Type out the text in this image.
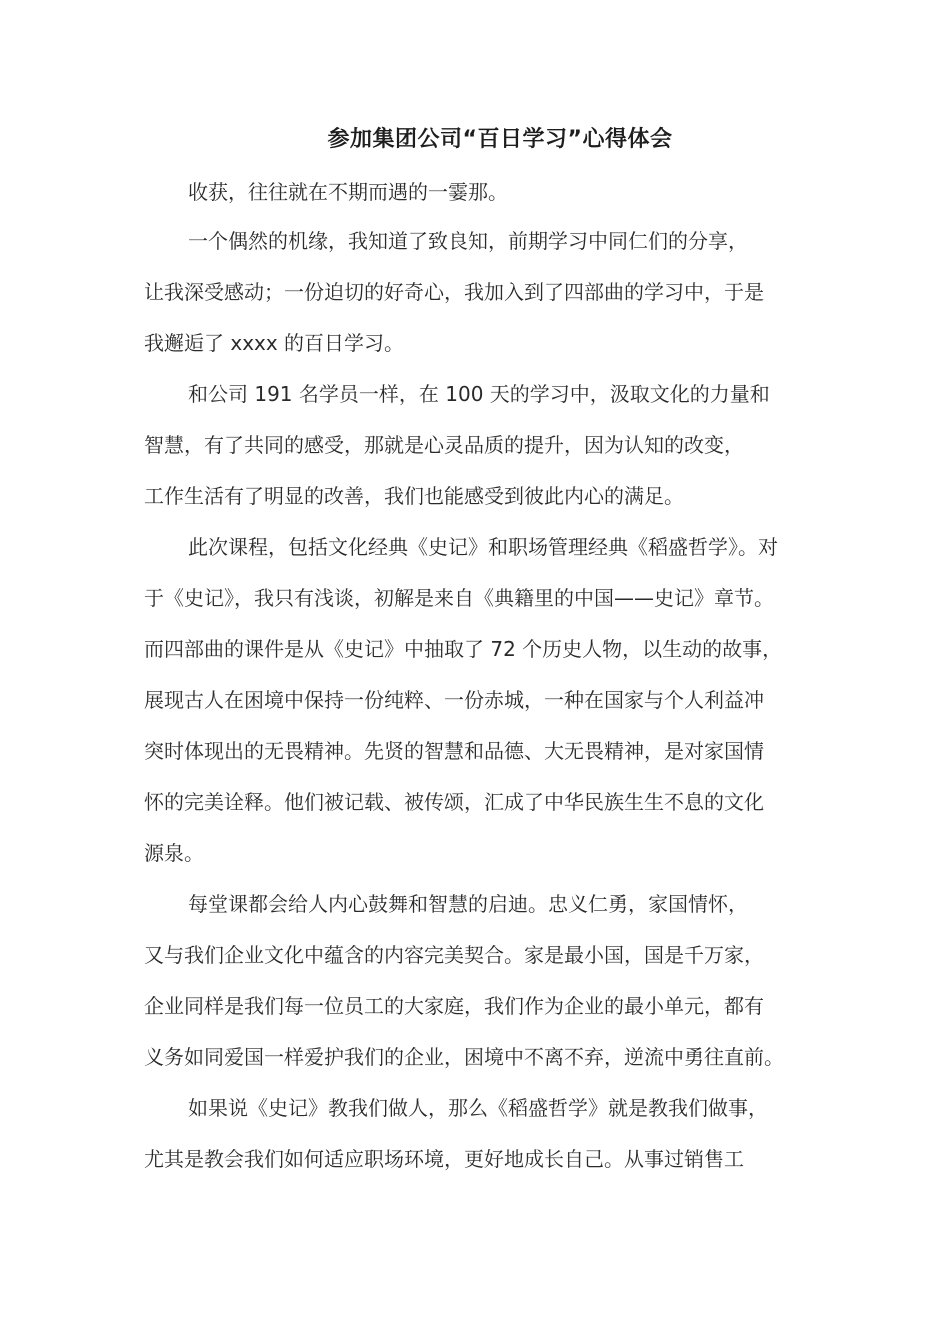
参加集团公司“百日学习”心得体会
收获，往往就在不期而遇的一霎那。
一个偶然的机缘，我知道了致良知，前期学习中同仁们的分享，
让我深受感动；一份迫切的好奇心，我加入到了四部曲的学习中，于是
我邂逅了 xxxx 的百日学习。
和公司 191 名学员一样，在 100 天的学习中，汲取文化的力量和
智慧，有了共同的感受，那就是心灵品质的提升，因为认知的改变，
工作生活有了明显的改善，我们也能感受到彼此内心的满足。
此次课程，包括文化经典《史记》和职场管理经典《稻盛哲学》。对
于《史记》，我只有浅谈，初解是来自《典籍里的中国——史记》章节。
而四部曲的课件是从《史记》中抽取了 72 个历史人物，以生动的故事，
展现古人在困境中保持一份纯粹、一份赤城，一种在国家与个人利益冲
突时体现出的无畏精神。先贤的智慧和品德、大无畏精神，是对家国情
怀的完美诠释。他们被记载、被传颂，汇成了中华民族生生不息的文化
源泉。
每堂课都会给人内心鼓舞和智慧的启迪。忠义仁勇，家国情怀，
又与我们企业文化中蕴含的内容完美契合。家是最小国，国是千万家，
企业同样是我们每一位员工的大家庭，我们作为企业的最小单元，都有
义务如同爱国一样爱护我们的企业，困境中不离不弃，逆流中勇往直前。
如果说《史记》教我们做人，那么《稻盛哲学》就是教我们做事，
尤其是教会我们如何适应职场环境，更好地成长自己。从事过销售工
